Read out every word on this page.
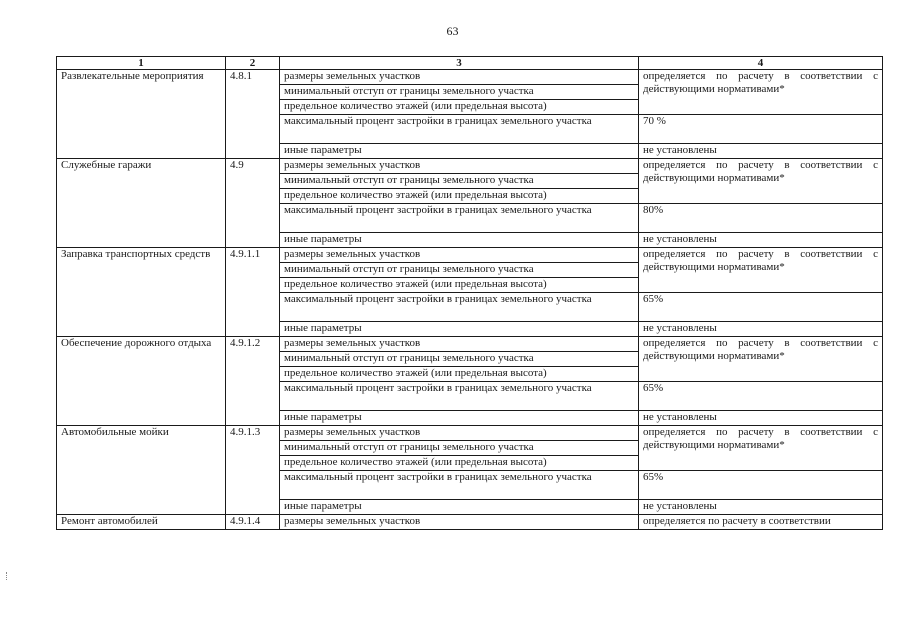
63
1	2	3	4
Развлекательные мероприятия	4.8.1	размеры земельных участков	определяется по расчету в соответствии с действующими нормативами*
		минимальный отступ от границы земельного участка	
		предельное количество этажей (или предельная высота)	
		максимальный процент застройки в границах земельного участка	70 %
		иные параметры	не установлены
Служебные гаражи	4.9	размеры земельных участков	определяется по расчету в соответствии с действующими нормативами*
		минимальный отступ от границы земельного участка	
		предельное количество этажей (или предельная высота)	
		максимальный процент застройки в границах земельного участка	80%
		иные параметры	не установлены
Заправка транспортных средств	4.9.1.1	размеры земельных участков	определяется по расчету в соответствии с действующими нормативами*
		минимальный отступ от границы земельного участка	
		предельное количество этажей (или предельная высота)	
		максимальный процент застройки в границах земельного участка	65%
		иные параметры	не установлены
Обеспечение дорожного отдыха	4.9.1.2	размеры земельных участков	определяется по расчету в соответствии с действующими нормативами*
		минимальный отступ от границы земельного участка	
		предельное количество этажей (или предельная высота)	
		максимальный процент застройки в границах земельного участка	65%
		иные параметры	не установлены
Автомобильные мойки	4.9.1.3	размеры земельных участков	определяется по расчету в соответствии с действующими нормативами*
		минимальный отступ от границы земельного участка	
		предельное количество этажей (или предельная высота)	
		максимальный процент застройки в границах земельного участка	65%
		иные параметры	не установлены
Ремонт автомобилей	4.9.1.4	размеры земельных участков	определяется по расчету в соответствии
